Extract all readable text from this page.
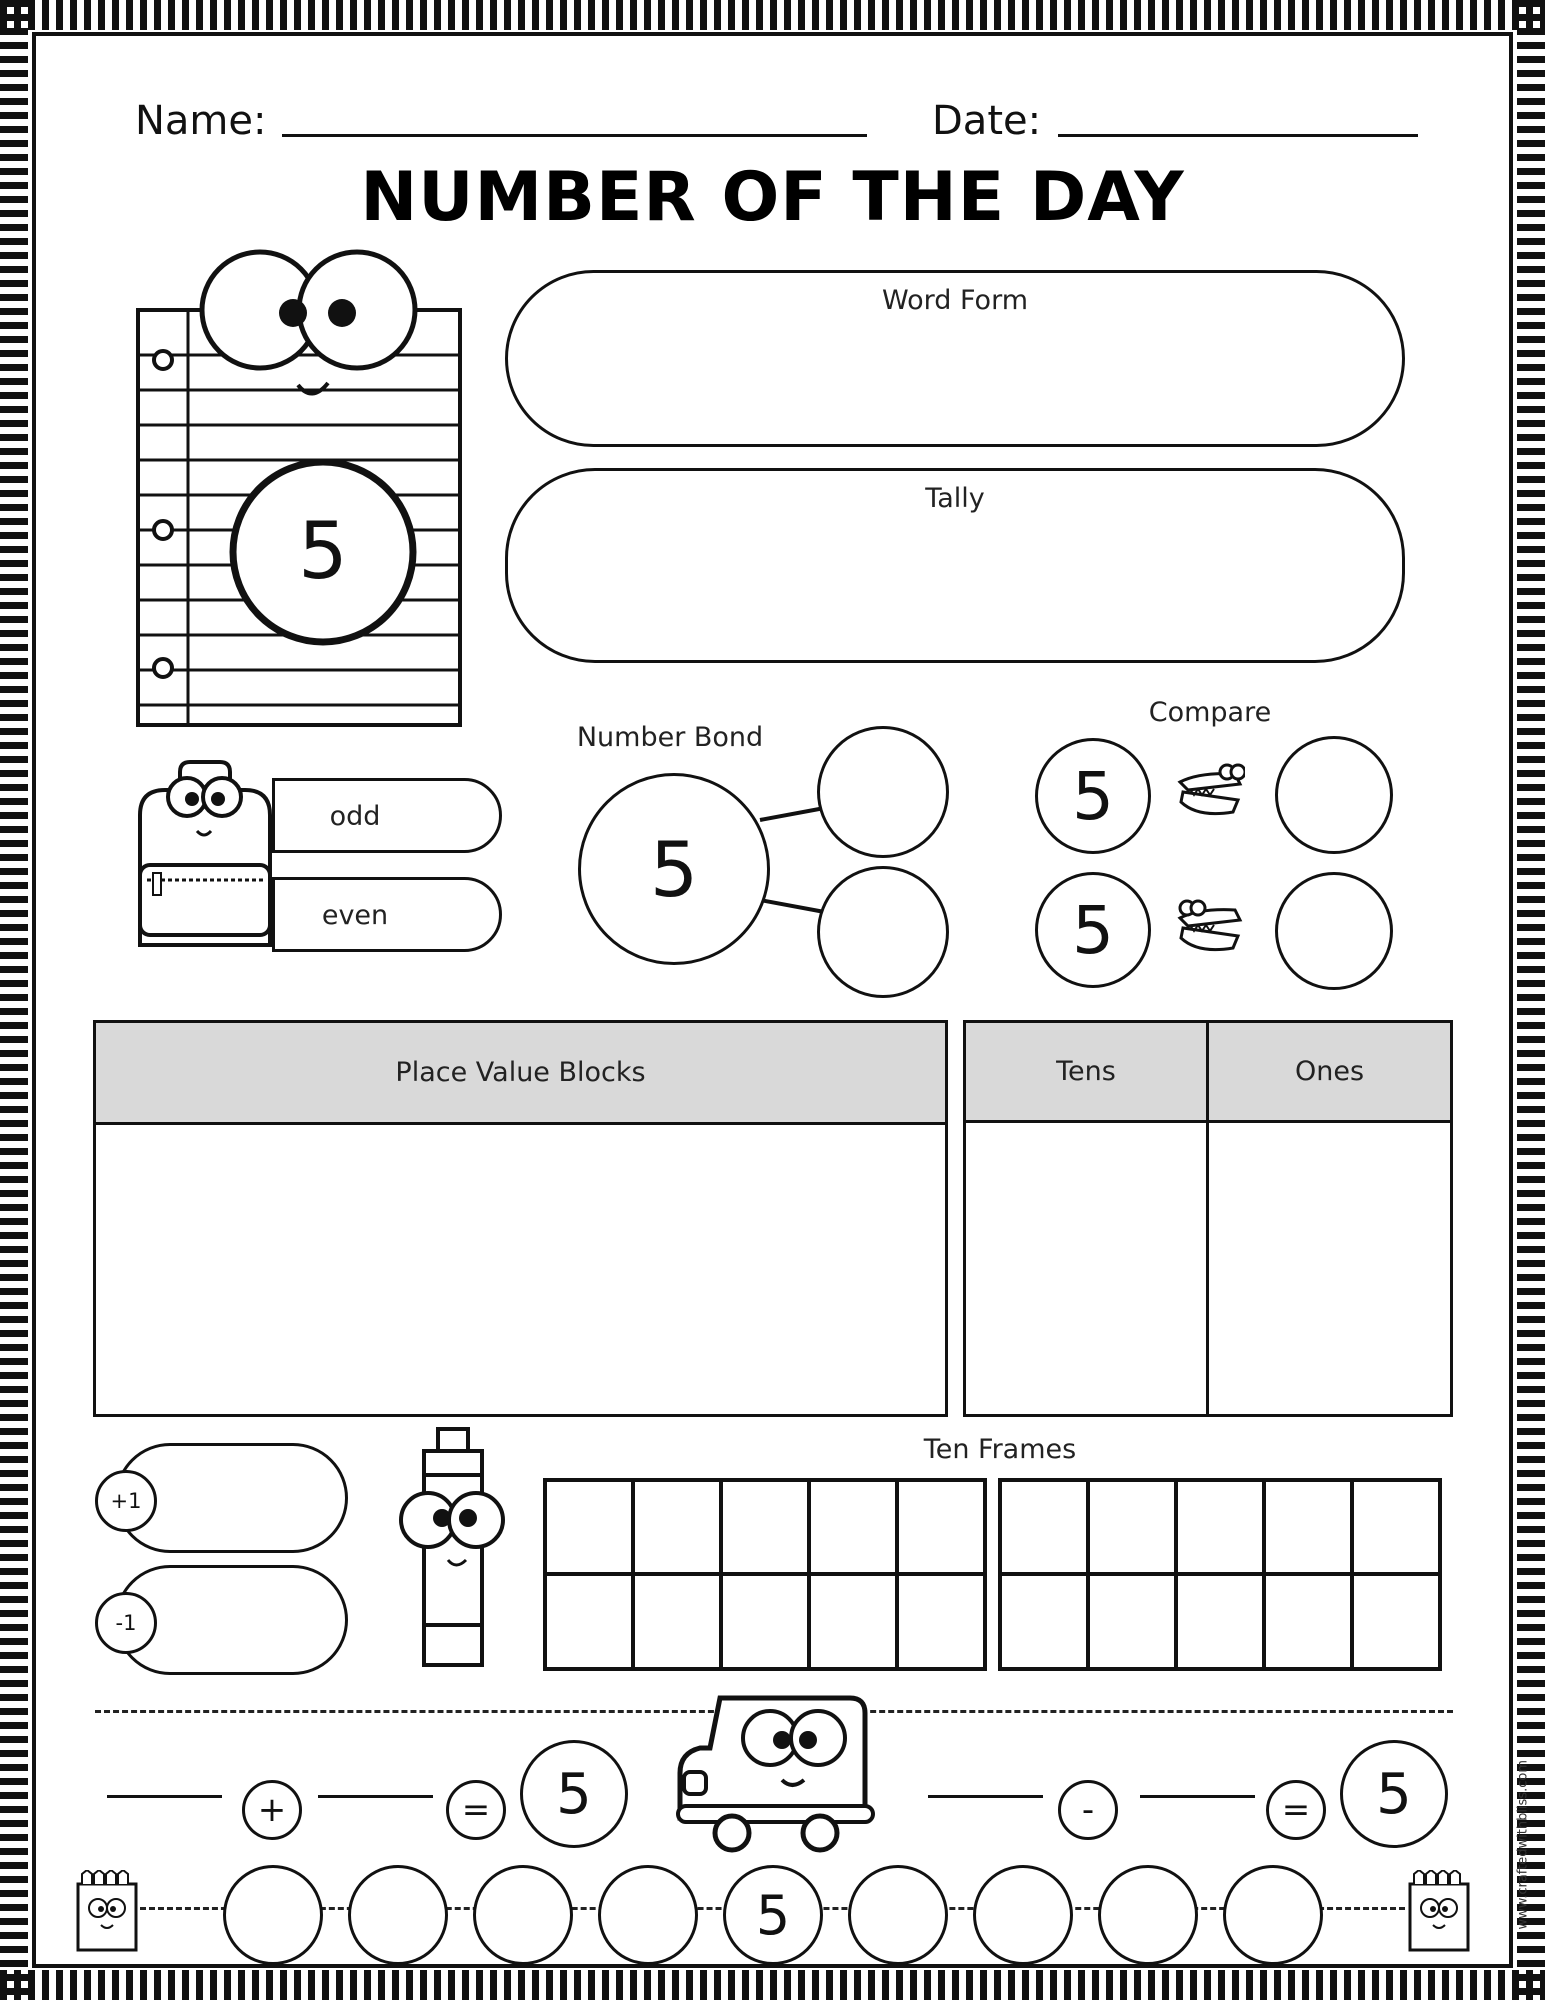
Name:	Date:
NUMBER OF THE DAY
5
Word Form
Tally
odd
even
Number Bond
5
Compare
5
5
Place Value Blocks	Tens	Ones
+1
-1
Ten Frames
+	=	5	-	=	5
5	www.craftedwithbliss.com
